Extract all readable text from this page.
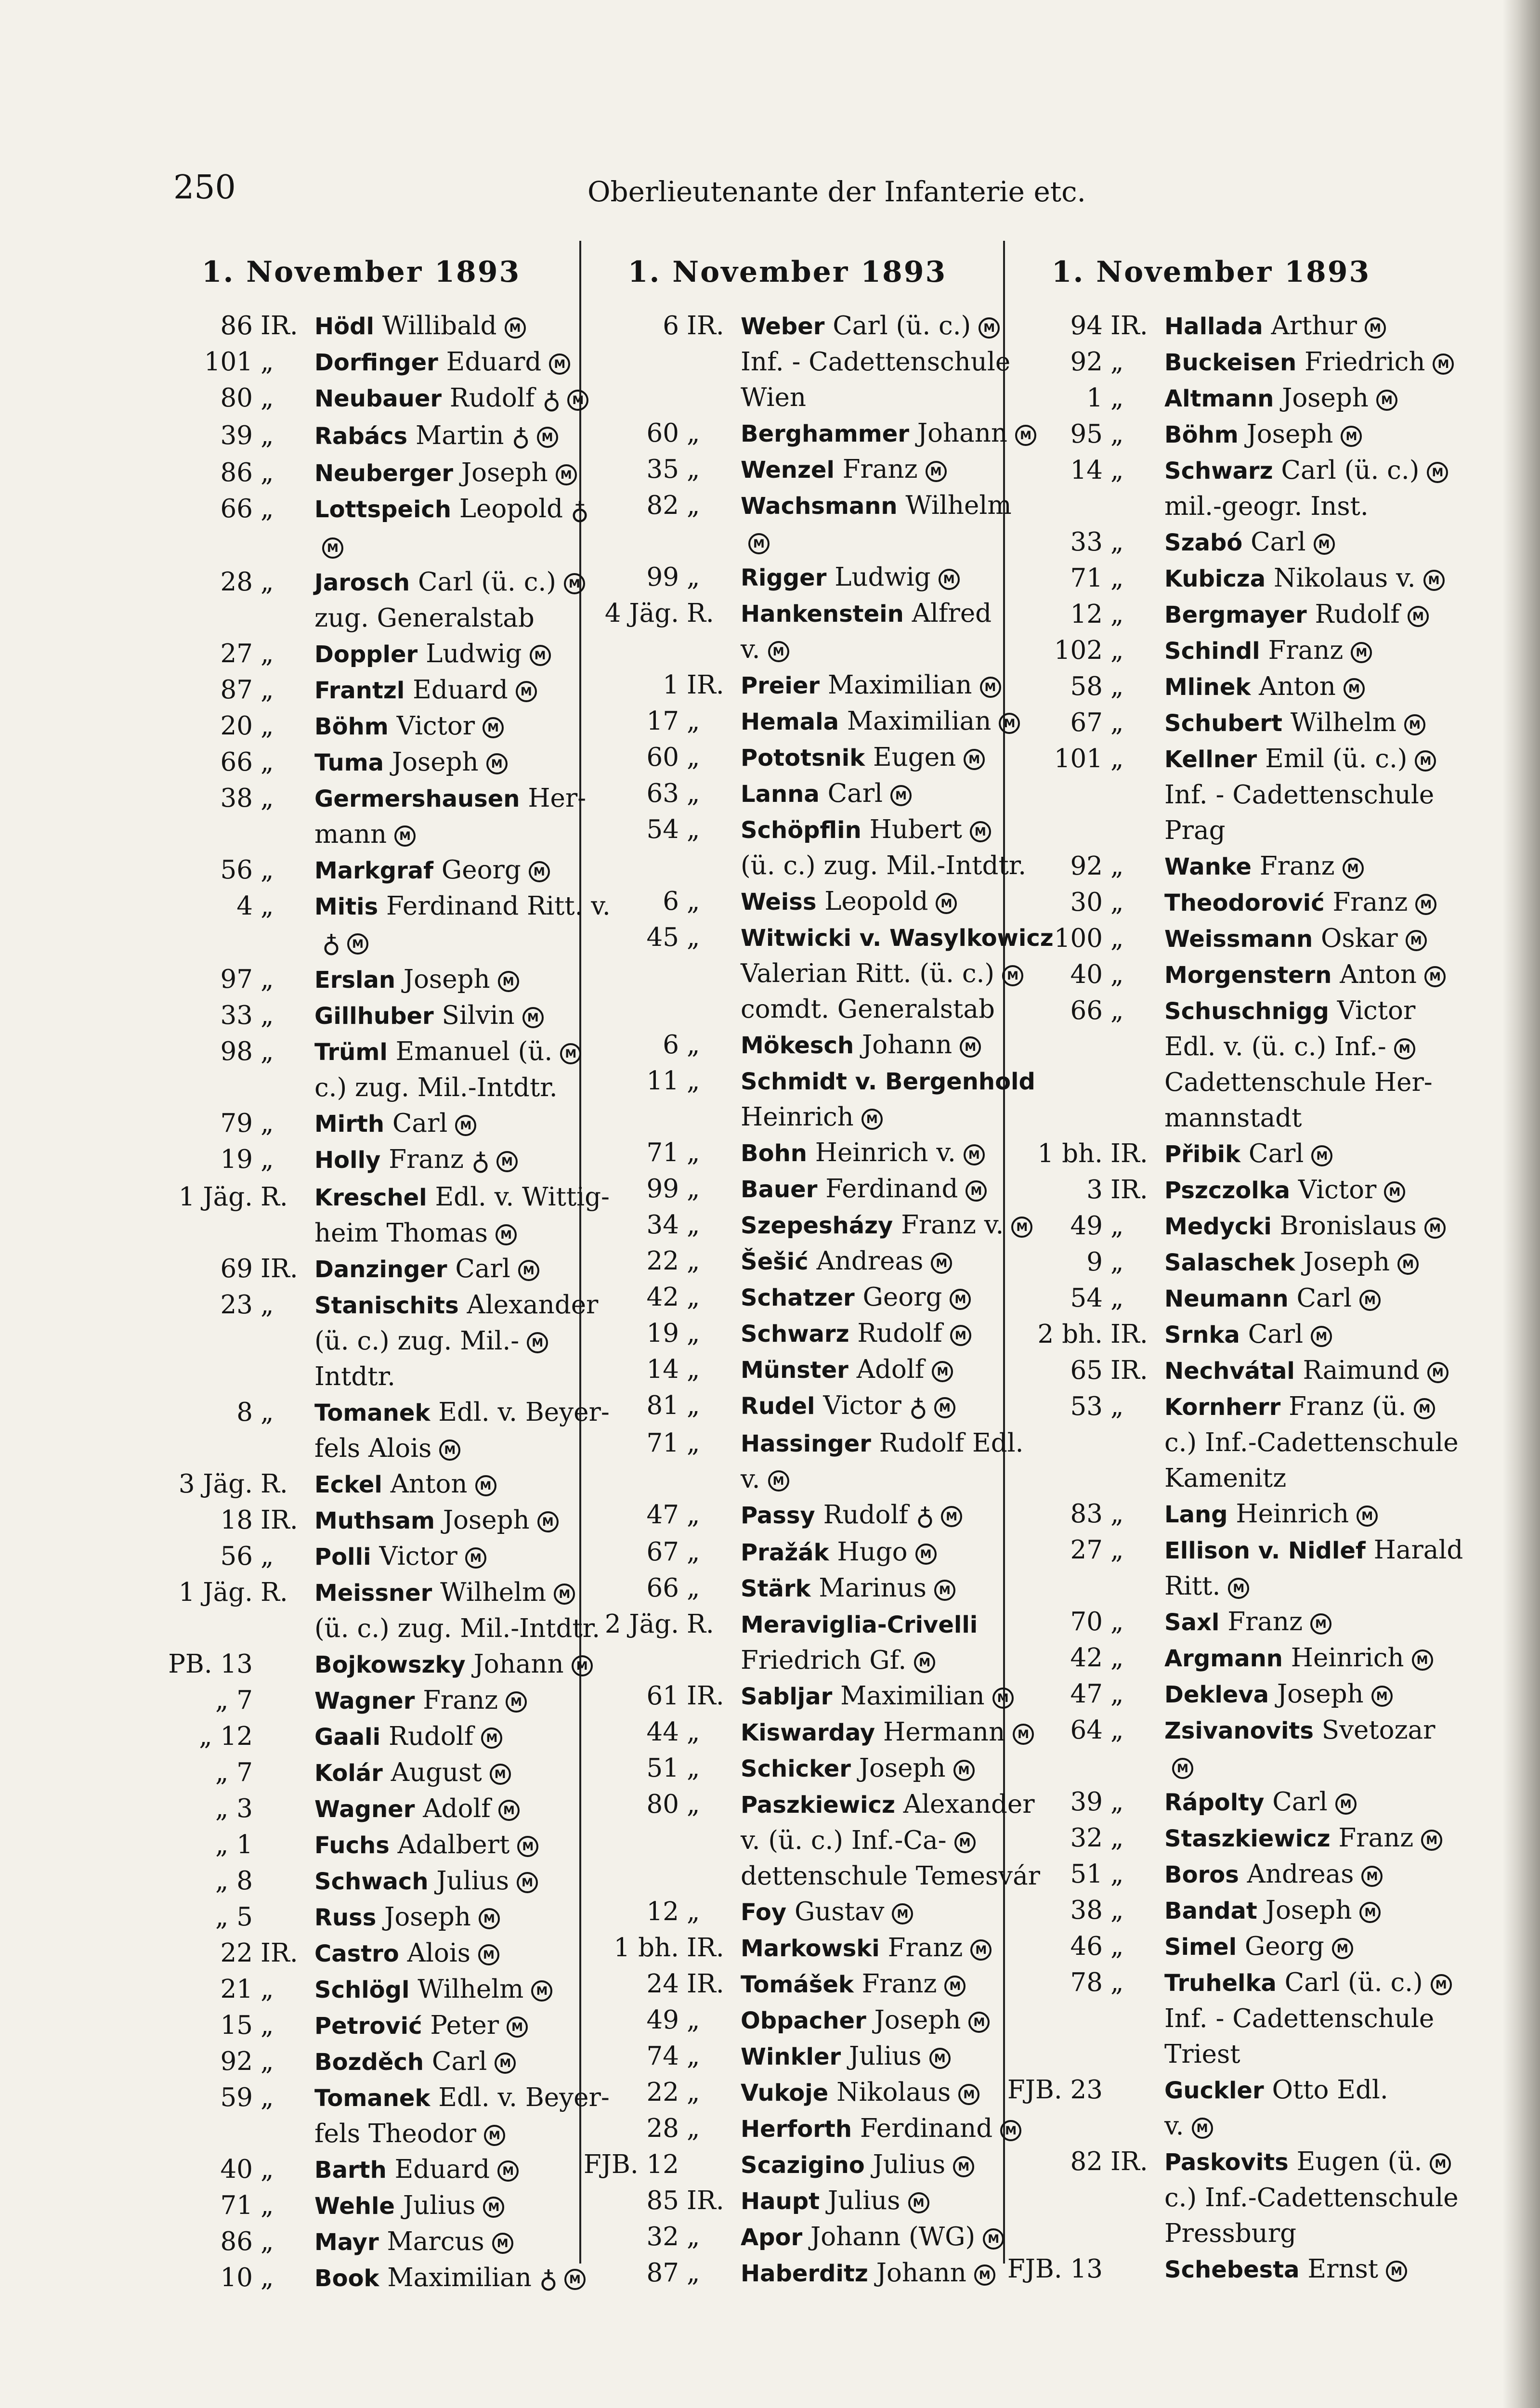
250	Oberlieutenante der Infanterie etc.
1. November 1893
86 IR. Hödl Willibald M
101 „	Dorfinger Eduard M
80 „	Neubauer Rudolf ♁ M
39 „	Rabács Martin ♁ M
86 „	Neuberger Joseph M
66 „	Lottspeich Leopold ♁
M
28 „	Jarosch Carl (ü. c.) M
zug. Generalstab
27 „	Doppler Ludwig M
87 „	Frantzl Eduard M
20 „	Böhm Victor M
66 „	Tuma Joseph M
38 „	Germershausen Her-
mann M
56 „	Markgraf Georg M
4 „	Mitis Ferdinand Ritt. v.
♁ M
97 „	Erslan Joseph M
33 „	Gillhuber Silvin M
98 „	Trüml Emanuel (ü. M
c.) zug. Mil.-Intdtr.
79 „	Mirth Carl M
19 „	Holly Franz ♁ M
1 Jäg. R.	Kreschel Edl. v. Wittig-
heim Thomas M
69 IR. Danzinger Carl M
23 „	Stanischits Alexander
(ü. c.) zug. Mil.- M
Intdtr.
8 „	Tomanek Edl. v. Beyer-
fels Alois M
3 Jäg. R.	Eckel Anton M
18 IR. Muthsam Joseph M
56 „	Polli Victor M
1 Jäg. R.	Meissner Wilhelm M
(ü. c.) zug. Mil.-Intdtr.
PB. 13	Bojkowszky Johann M
„ 7	Wagner Franz M
„ 12	Gaali Rudolf M
„ 7	Kolár August M
„ 3	Wagner Adolf M
„ 1	Fuchs Adalbert M
„ 8	Schwach Julius M
„ 5	Russ Joseph M
22 IR. Castro Alois M
21 „	Schlögl Wilhelm M
15 „	Petrović Peter M
92 „	Bozděch Carl M
59 „	Tomanek Edl. v. Beyer-
fels Theodor M
40 „	Barth Eduard M
71 „	Wehle Julius M
86 „	Mayr Marcus M
10 „	Book Maximilian ♁ M
1. November 1893
6 IR. Weber Carl (ü. c.) M
Inf. - Cadettenschule
Wien
60 „	Berghammer Johann M
35 „	Wenzel Franz M
82 „	Wachsmann Wilhelm
M
99 „	Rigger Ludwig M
4 Jäg. R.	Hankenstein Alfred
v. M
1 IR. Preier Maximilian M
17 „	Hemala Maximilian M
60 „	Pototsnik Eugen M
63 „	Lanna Carl M
54 „	Schöpflin Hubert M
(ü. c.) zug. Mil.-Intdtr.
6 „	Weiss Leopold M
45 „	Witwicki v. Wasylkowicz
Valerian Ritt. (ü. c.) M
comdt. Generalstab
6 „	Mökesch Johann M
11 „	Schmidt v. Bergenhold
Heinrich M
71 „	Bohn Heinrich v. M
99 „	Bauer Ferdinand M
34 „	Szepesházy Franz v. M
22 „	Šešić Andreas M
42 „	Schatzer Georg M
19 „	Schwarz Rudolf M
14 „	Münster Adolf M
81 „	Rudel Victor ♁ M
71 „	Hassinger Rudolf Edl.
v. M
47 „	Passy Rudolf ♁ M
67 „	Pražák Hugo M
66 „	Stärk Marinus M
2 Jäg. R.	Meraviglia-Crivelli
Friedrich Gf. M
61 IR. Sabljar Maximilian M
44 „	Kiswarday Hermann M
51 „	Schicker Joseph M
80 „	Paszkiewicz Alexander
v. (ü. c.) Inf.-Ca- M
dettenschule Temesvár
12 „	Foy Gustav M
1 bh. IR. Markowski Franz M
24 IR. Tomášek Franz M
49 „	Obpacher Joseph M
74 „	Winkler Julius M
22 „	Vukoje Nikolaus M
28 „	Herforth Ferdinand M
FJB. 12	Scazigino Julius M
85 IR. Haupt Julius M
32 „	Apor Johann (WG) M
87 „	Haberditz Johann M
1. November 1893
94 IR. Hallada Arthur M
92 „	Buckeisen Friedrich M
1 „	Altmann Joseph M
95 „	Böhm Joseph M
14 „	Schwarz Carl (ü. c.) M
mil.-geogr. Inst.
33 „	Szabó Carl M
71 „	Kubicza Nikolaus v. M
12 „	Bergmayer Rudolf M
102 „	Schindl Franz M
58 „	Mlinek Anton M
67 „	Schubert Wilhelm M
101 „	Kellner Emil (ü. c.) M
Inf. - Cadettenschule
Prag
92 „	Wanke Franz M
30 „	Theodorović Franz M
100 „	Weissmann Oskar M
40 „	Morgenstern Anton M
66 „	Schuschnigg Victor
Edl. v. (ü. c.) Inf.- M
Cadettenschule Her-
mannstadt
1 bh. IR. Přibik Carl M
3 IR. Pszczolka Victor M
49 „	Medycki Bronislaus M
9 „	Salaschek Joseph M
54 „	Neumann Carl M
2 bh. IR. Srnka Carl M
65 IR. Nechvátal Raimund M
53 „	Kornherr Franz (ü. M
c.) Inf.-Cadettenschule
Kamenitz
83 „	Lang Heinrich M
27 „	Ellison v. Nidlef Harald
Ritt. M
70 „	Saxl Franz M
42 „	Argmann Heinrich M
47 „	Dekleva Joseph M
64 „	Zsivanovits Svetozar
M
39 „	Rápolty Carl M
32 „	Staszkiewicz Franz M
51 „	Boros Andreas M
38 „	Bandat Joseph M
46 „	Simel Georg M
78 „	Truhelka Carl (ü. c.) M
Inf. - Cadettenschule
Triest
FJB. 23	Guckler Otto Edl.
v. M
82 IR. Paskovits Eugen (ü. M
c.) Inf.-Cadettenschule
Pressburg
FJB. 13	Schebesta Ernst M
